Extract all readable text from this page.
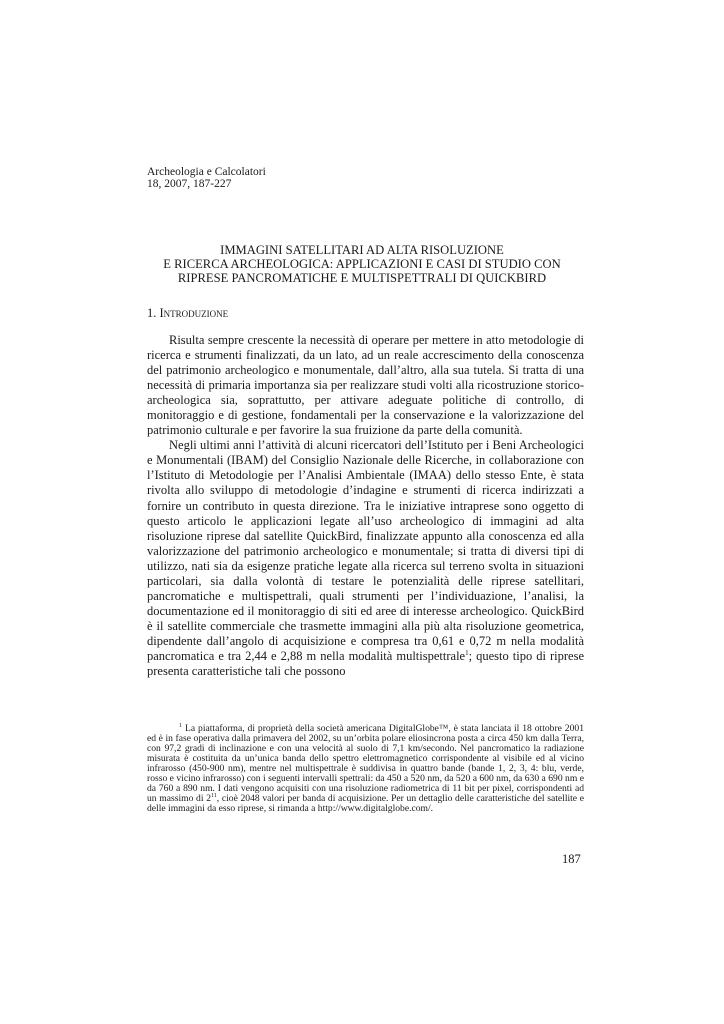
Archeologia e Calcolatori
18, 2007, 187-227
IMMAGINI SATELLITARI AD ALTA RISOLUZIONE
E RICERCA ARCHEOLOGICA: APPLICAZIONI E CASI DI STUDIO CON
RIPRESE PANCROMATICHE E MULTISPETTRALI DI QUICKBIRD
1. Introduzione

Risulta sempre crescente la necessità di operare per mettere in atto metodologie di ricerca e strumenti finalizzati, da un lato, ad un reale accrescimento della conoscenza del patrimonio archeologico e monumentale, dall’altro, alla sua tutela. Si tratta di una necessità di primaria importanza sia per realizzare studi volti alla ricostruzione storico-archeologica sia, soprattutto, per attivare adeguate politiche di controllo, di monitoraggio e di gestione, fondamentali per la conservazione e la valorizzazione del patrimonio culturale e per favorire la sua fruizione da parte della comunità.

Negli ultimi anni l’attività di alcuni ricercatori dell’Istituto per i Beni Archeologici e Monumentali (IBAM) del Consiglio Nazionale delle Ricerche, in collaborazione con l’Istituto di Metodologie per l’Analisi Ambientale (IMAA) dello stesso Ente, è stata rivolta allo sviluppo di metodologie d’indagine e strumenti di ricerca indirizzati a fornire un contributo in questa direzione. Tra le iniziative intraprese sono oggetto di questo articolo le applicazioni legate all’uso archeologico di immagini ad alta risoluzione riprese dal satellite QuickBird, finalizzate appunto alla conoscenza ed alla valorizzazione del patrimonio archeologico e monumentale; si tratta di diversi tipi di utilizzo, nati sia da esigenze pratiche legate alla ricerca sul terreno svolta in situazioni particolari, sia dalla volontà di testare le potenzialità delle riprese satellitari, pancromatiche e multispettrali, quali strumenti per l’individuazione, l’analisi, la documentazione ed il monitoraggio di siti ed aree di interesse archeologico. QuickBird è il satellite commerciale che trasmette immagini alla più alta risoluzione geometrica, dipendente dall’angolo di acquisizione e compresa tra 0,61 e 0,72 m nella modalità pancromatica e tra 2,44 e 2,88 m nella modalità multispettrale$^1$; questo tipo di riprese presenta caratteristiche tali che possono

$^1$ La piattaforma, di proprietà della società americana DigitalGlobe™, è stata lanciata il 18 ottobre 2001 ed è in fase operativa dalla primavera del 2002, su un’orbita polare eliosincrona posta a circa 450 km dalla Terra, con 97,2 gradi di inclinazione e con una velocità al suolo di 7,1 km/secondo. Nel pancromatico la radiazione misurata è costituita da un’unica banda dello spettro elettromagnetico corrispondente al visibile ed al vicino infrarosso (450-900 nm), mentre nel multispettrale è suddivisa in quattro bande (bande 1, 2, 3, 4: blu, verde, rosso e vicino infrarosso) con i seguenti intervalli spettrali: da 450 a 520 nm, da 520 a 600 nm, da 630 a 690 nm e da 760 a 890 nm. I dati vengono acquisiti con una risoluzione radiometrica di 11 bit per pixel, corrispondenti ad un massimo di $2^{11}$, cioè 2048 valori per banda di acquisizione. Per un dettaglio delle caratteristiche del satellite e delle immagini da esso riprese, si rimanda a http://www.digitalglobe.com/.

187
